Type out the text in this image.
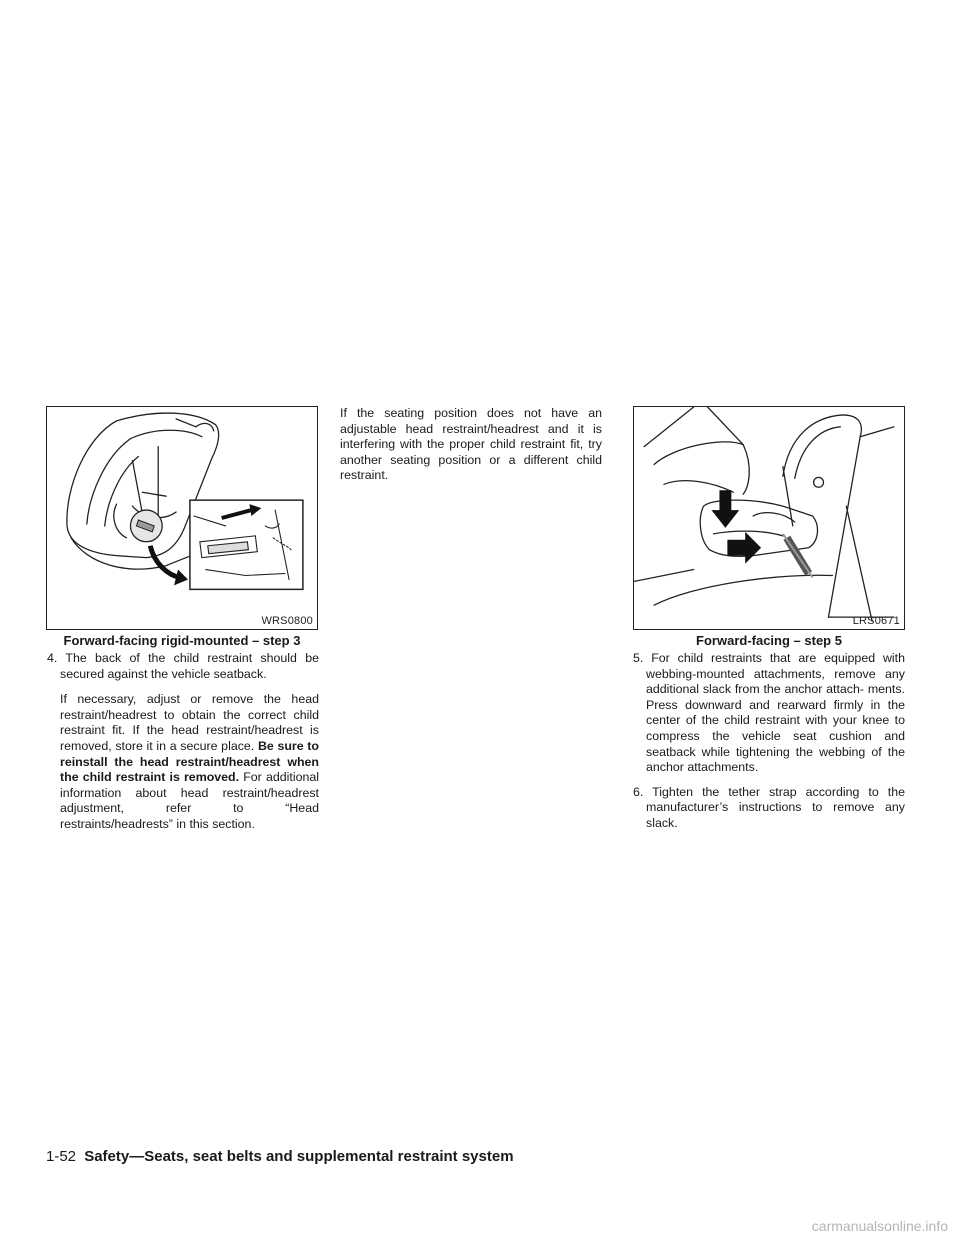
WRS0800
Forward-facing rigid-mounted – step 3
LRS0671
Forward-facing – step 5

4. The back of the child restraint should be secured against the vehicle seatback.

If necessary, adjust or remove the head restraint/headrest to obtain the correct child restraint fit. If the head restraint/headrest is removed, store it in a secure place. Be sure to reinstall the head restraint/headrest when the child restraint is removed. For additional information about head restraint/headrest adjustment, refer to “Head restraints/headrests” in this section.

If the seating position does not have an adjustable head restraint/headrest and it is interfering with the proper child restraint fit, try another seating position or a different child restraint.

5. For child restraints that are equipped with webbing-mounted attachments, remove any additional slack from the anchor attach- ments. Press downward and rearward firmly in the center of the child restraint with your knee to compress the vehicle seat cushion and seatback while tightening the webbing of the anchor attachments.

6. Tighten the tether strap according to the manufacturer’s instructions to remove any slack.

1-52 Safety—Seats, seat belts and supplemental restraint system
carmanualsonline.info
